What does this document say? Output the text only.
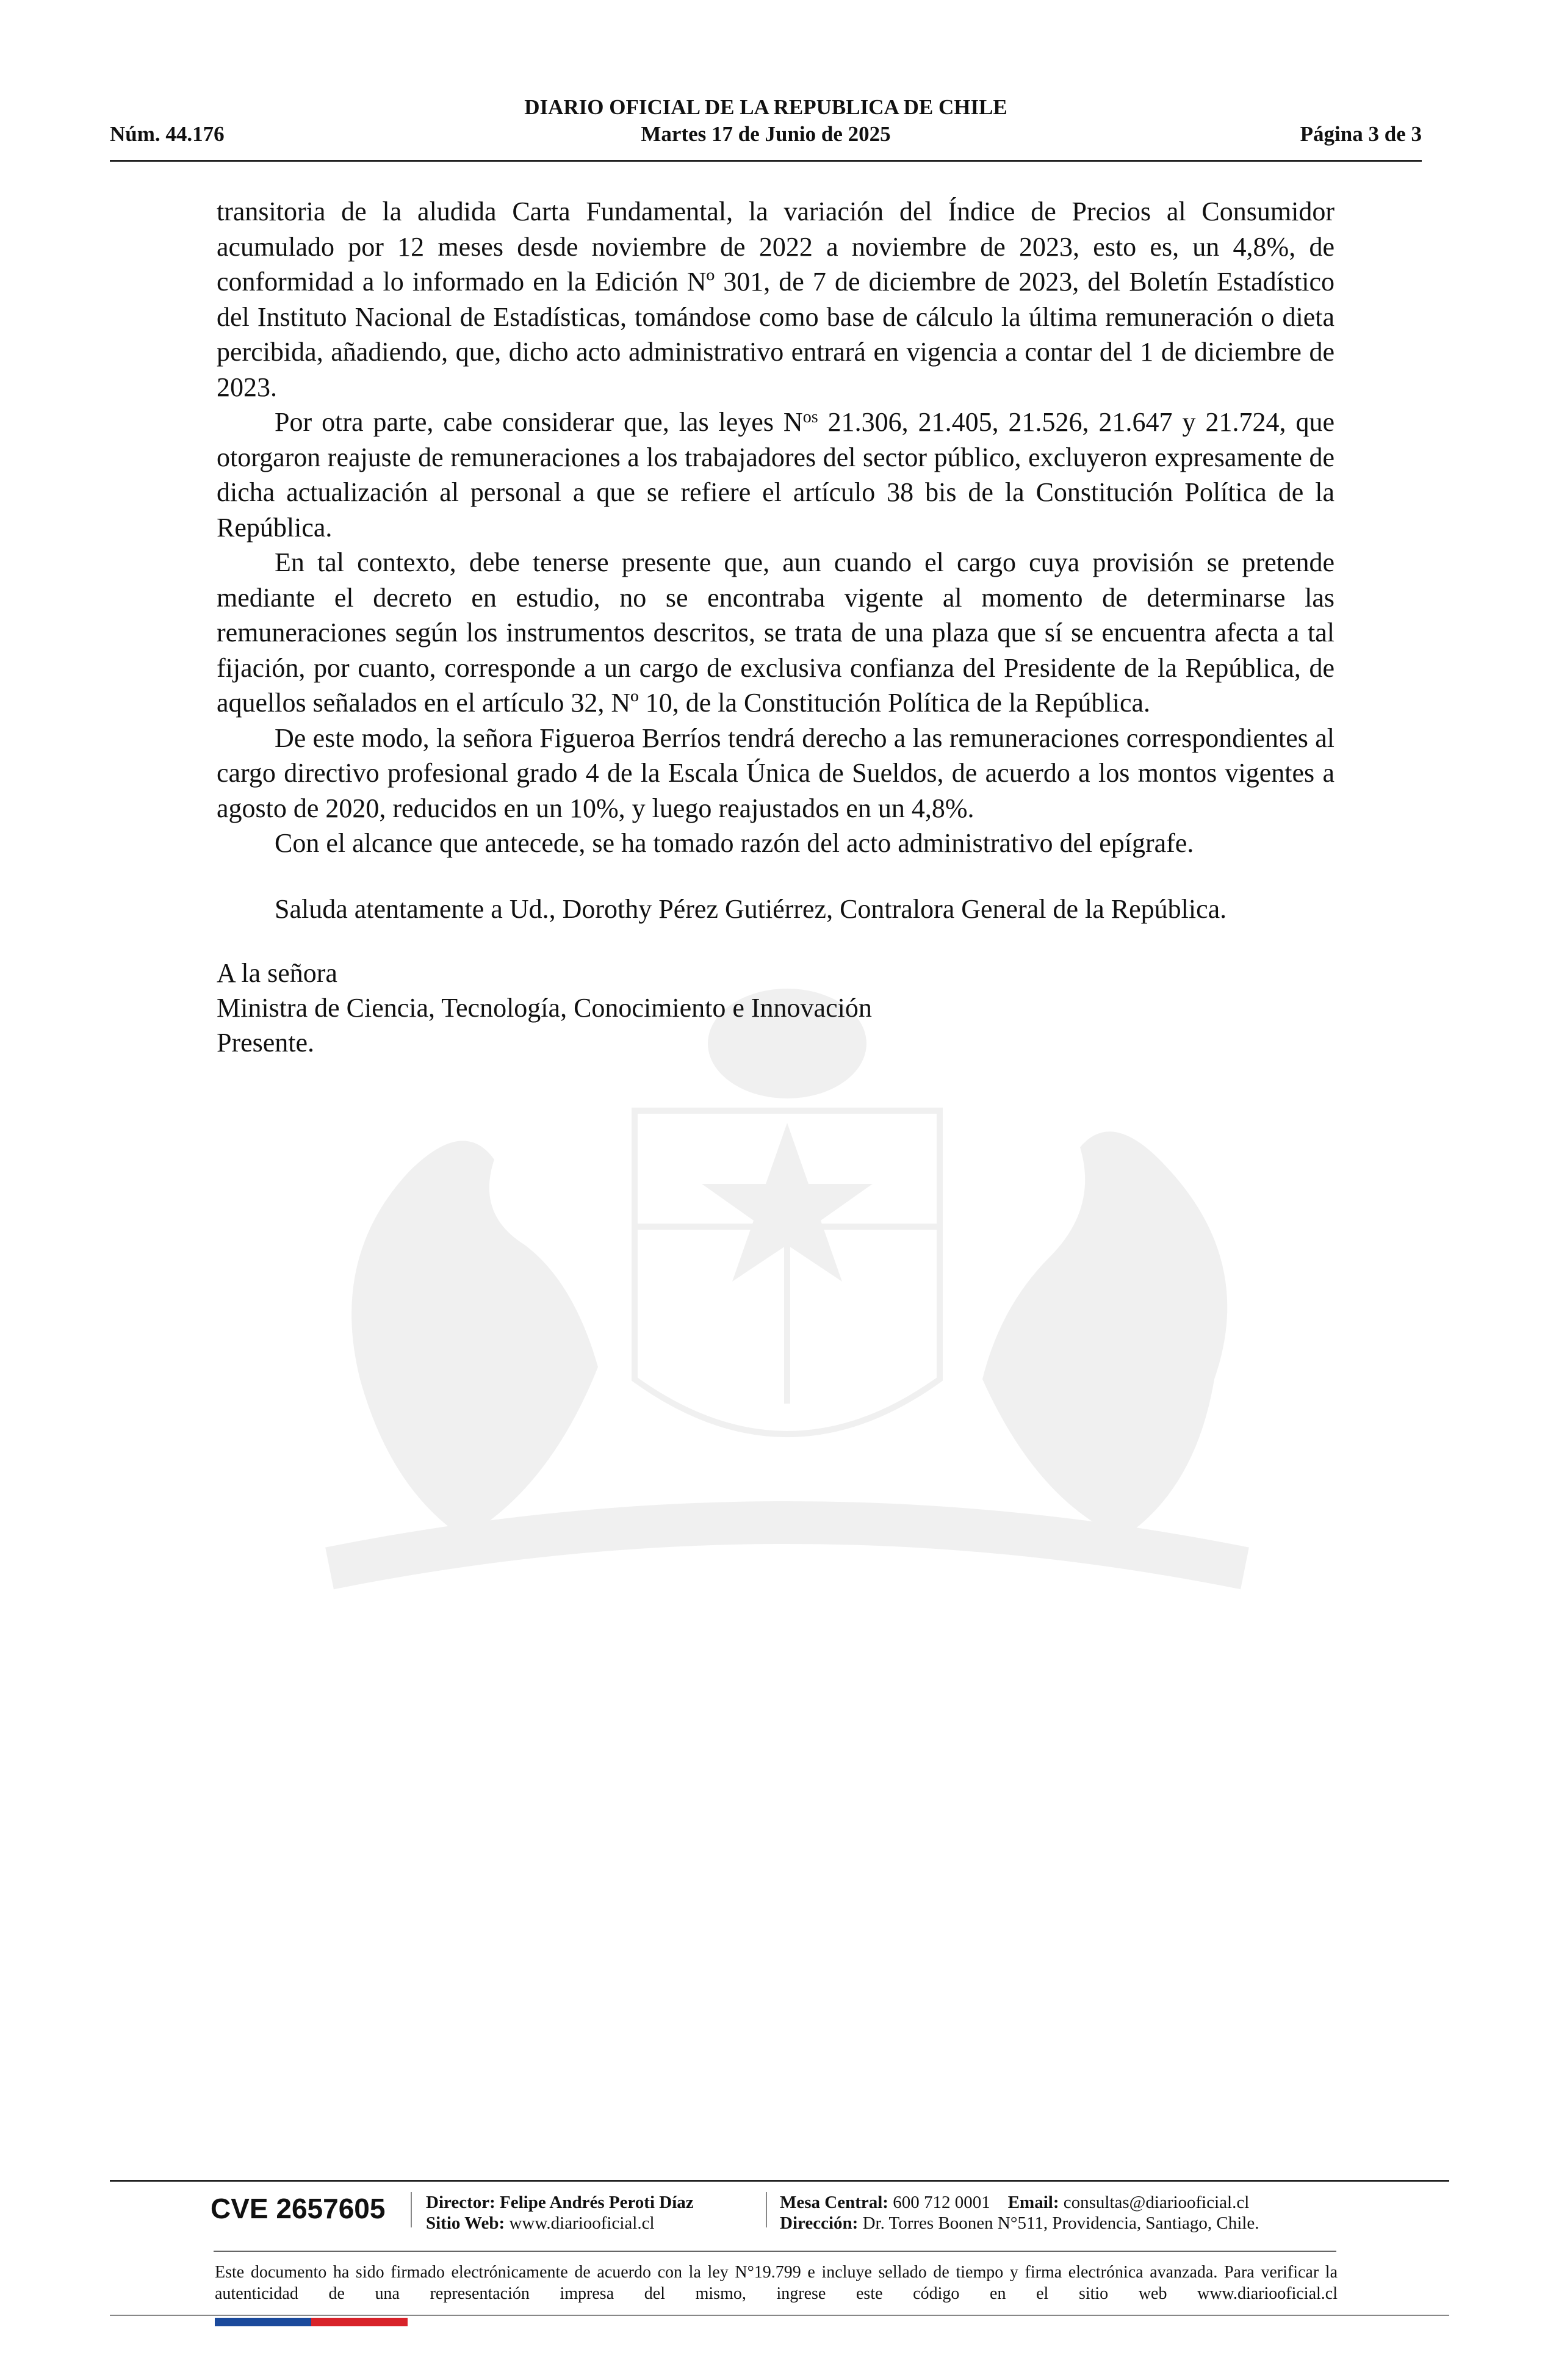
DIARIO OFICIAL DE LA REPUBLICA DE CHILE
Núm. 44.176	Martes 17 de Junio de 2025	Página 3 de 3

transitoria de la aludida Carta Fundamental, la variación del Índice de Precios al Consumidor acumulado por 12 meses desde noviembre de 2022 a noviembre de 2023, esto es, un 4,8%, de conformidad a lo informado en la Edición Nº 301, de 7 de diciembre de 2023, del Boletín Estadístico del Instituto Nacional de Estadísticas, tomándose como base de cálculo la última remuneración o dieta percibida, añadiendo, que, dicho acto administrativo entrará en vigencia a contar del 1 de diciembre de 2023.

Por otra parte, cabe considerar que, las leyes $N^{os}$ 21.306, 21.405, 21.526, 21.647 y 21.724, que otorgaron reajuste de remuneraciones a los trabajadores del sector público, excluyeron expresamente de dicha actualización al personal a que se refiere el artículo 38 bis de la Constitución Política de la República.

En tal contexto, debe tenerse presente que, aun cuando el cargo cuya provisión se pretende mediante el decreto en estudio, no se encontraba vigente al momento de determinarse las remuneraciones según los instrumentos descritos, se trata de una plaza que sí se encuentra afecta a tal fijación, por cuanto, corresponde a un cargo de exclusiva confianza del Presidente de la República, de aquellos señalados en el artículo 32, Nº 10, de la Constitución Política de la República.

De este modo, la señora Figueroa Berríos tendrá derecho a las remuneraciones correspondientes al cargo directivo profesional grado 4 de la Escala Única de Sueldos, de acuerdo a los montos vigentes a agosto de 2020, reducidos en un 10%, y luego reajustados en un 4,8%.

Con el alcance que antecede, se ha tomado razón del acto administrativo del epígrafe.

Saluda atentamente a Ud., Dorothy Pérez Gutiérrez, Contralora General de la República.

A la señora
Ministra de Ciencia, Tecnología, Conocimiento e Innovación
Presente.
CVE 2657605 Director: Felipe Andrés Peroti Díaz
Sitio Web: www.diariooficial.cl
Mesa Central: 600 712 0001 Email: consultas@diariooficial.cl
Dirección: Dr. Torres Boonen N°511, Providencia, Santiago, Chile.
Este documento ha sido firmado electrónicamente de acuerdo con la ley N°19.799 e incluye sellado de tiempo y firma electrónica avanzada. Para verificar la autenticidad de una representación impresa del mismo, ingrese este código en el sitio web www.diariooficial.cl
